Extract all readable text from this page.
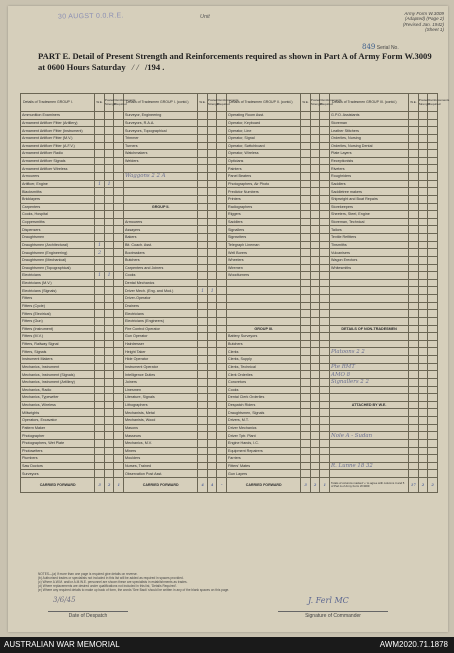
30 AUGST 0.0.R.E.	Unit
Army Form W.3009
(Adapted) (Page 2)
(Revised Jan. 1942)
(Sheet 1)
849 Serial No.
PART E. Detail of Present Strength and Reinforcements required as shown in Part A of Army Form W.3009 at 0600 Hours Saturday / / /194 .
Details of Tradesmen GROUP I.	W.E.	Posted Strength	Reinforcements Required	Details of Tradesmen GROUP I. (contd.)	W.E.	Posted Strength	Reinforcements Required	Details of Tradesmen GROUP II. (contd.)	W.E.	Posted Strength	Reinforcements Required	Details of Tradesmen GROUP III. (contd.)	W.E.	Posted Strength	Reinforcements Required
Ammunition Examiners				Surveyor, Engineering				Operating Room Asst.				G.P.O. Assistants			
Armament Artificer Fitter (Artillery)				Surveyors, R.A.A.				Operator, Keyboard				Storeman			
Armament Artificer Fitter (Instrument)				Surveyors, Topographical				Operator, Line				Leather Stitchers			
Armament Artificer Fitter (M.V.)				Trimmer				Operator, Signal				Orderlies, Nursing			
Armament Artificer Fitter (A.F.V.)				Turners				Operator, Switchboard				Orderlies, Nursing Dental			
Armament Artificer Radio				Watchmakers				Operator, Wireless				Plate Layers			
Armament Artificer Signals				Welders				Opticians				Receptionists			
Armament Artificer Wireless								Painters				Riveters			
Armourers				Waggons 2 2 A				Panel Beaters				Roughriders			
Artificer, Engine	1	1						Photographers, Air Photo				Saddlers			
Blacksmiths								Predictor Numbers				Saddletree makers			
Bricklayers								Printers				Shipwright and Boat Repairs			
Carpenters				GROUP II.				Radiographers				Storekeepers			
Cooks, Hospital								Riggers				Sheeters, Steel, Engine			
Coppersmiths				Armourers				Saddlers				Storeman, Technical			
Dispensers				Assayers				Signallers				Tailors			
Draughtsmen				Bakers				Signwriters				Textile Refitters			
Draughtsmen (Architectural)	1			Bit. Coach. Asst.				Telegraph Lineman				Tinsmiths			
Draughtsmen (Engineering)	2			Bootmakers				Well Borers				Vulcanisers			
Draughtsmen (Mechanical)				Butchers				Wheelers				Wagon Erectors			
Draughtsmen (Topographical)				Carpenters and Joiners				Wiremen				Whitesmiths			
Electricians	1	1		Cooks				Woodturners							
Electricians (M.V.)				Dental Mechanics											
Electricians (Signals)				Driver Mech. (Eng. and Mod.)	1	1									
Fitters				Driver-Operator											
Fitters (Cycle)				Drainers											
Fitters (Electrical)				Electricians											
Fitters (Gun)				Electricians (Engineers)											
Fitters (Instrument)				Fire Control Operator				GROUP III.				DETAILS OF NON-TRADESMEN			
Fitters (M.V.)				Gun Operator				Battery Surveyors							
Fitters, Railway Signal				Hairdresser				Butchers							
Fitters, Signals				Height Taker				Clerks				Platoons 2 2			
Instrument Makers				Hide Operator				Clerks, Supply							
Mechanics, Instrument				Instrument Operator				Clerks, Technical				Pte RMT			
Mechanics, Instrument (Signals)				Intelligence Duties				Clerk Orderlies				AMO 8			
Mechanics, Instrument (Artillery)				Joiners				Concretors				Signallers 2 2			
Mechanics, Radio				Linesmen				Cooks							
Mechanics, Typewriter				Literature, Signals				Dental Clerk Orderlies							
Mechanics, Wireless				Lithographers				Despatch Riders				ATTACHED BY W.E.			
Millwrights				Mechanists, Metal				Draughtsmen, Signals							
Operators, Excavator				Mechanists, Wood				Drivers, M.T.							
Pattern Maker				Masons				Driver Mechanics							
Photographer				Masseurs				Driver Tptr. Plant				Nole A - Sudan			
Photographers, Wet Plate				Mechanics, M.V.				Engine Hands, I.C.							
Photowriters				Miners				Equipment Repairers							
Plumbers				Moulders				Farriers							
Saw Doctors				Nurses, Trained				Fitters' Mates				R. Lunne 18 32			
Surveyors				Observation Post Asst.				Gun Layers							
CARRIED FORWARD	3	2	1	CARRIED FORWARD	4	4	-	CARRIED FORWARD	3	2	1	Totals of columns marked '+' to agree with columns 4 and 5 of Part A of Army Form W.3009	17	2	2

NOTES—(a) If more than one page is required give details on reverse.

(b) Authorised trades or specialists not included in this list will be added as required in spaces provided.

(c) Where A.W.M. and/or A.M.W.E. personnel are shown these are specialists in establishments as trades.

(d) Where replacements are desired under qualifications not included in this list, 'Details Required'.

(e) Where any required details to make up back of form, the words 'See Back' should be written in any of the blank spaces on this page.

3/6/45	J. Ferl MC
Date of Despatch	Signature of Commander
AUSTRALIAN WAR MEMORIAL	AWM2020.71.1878
